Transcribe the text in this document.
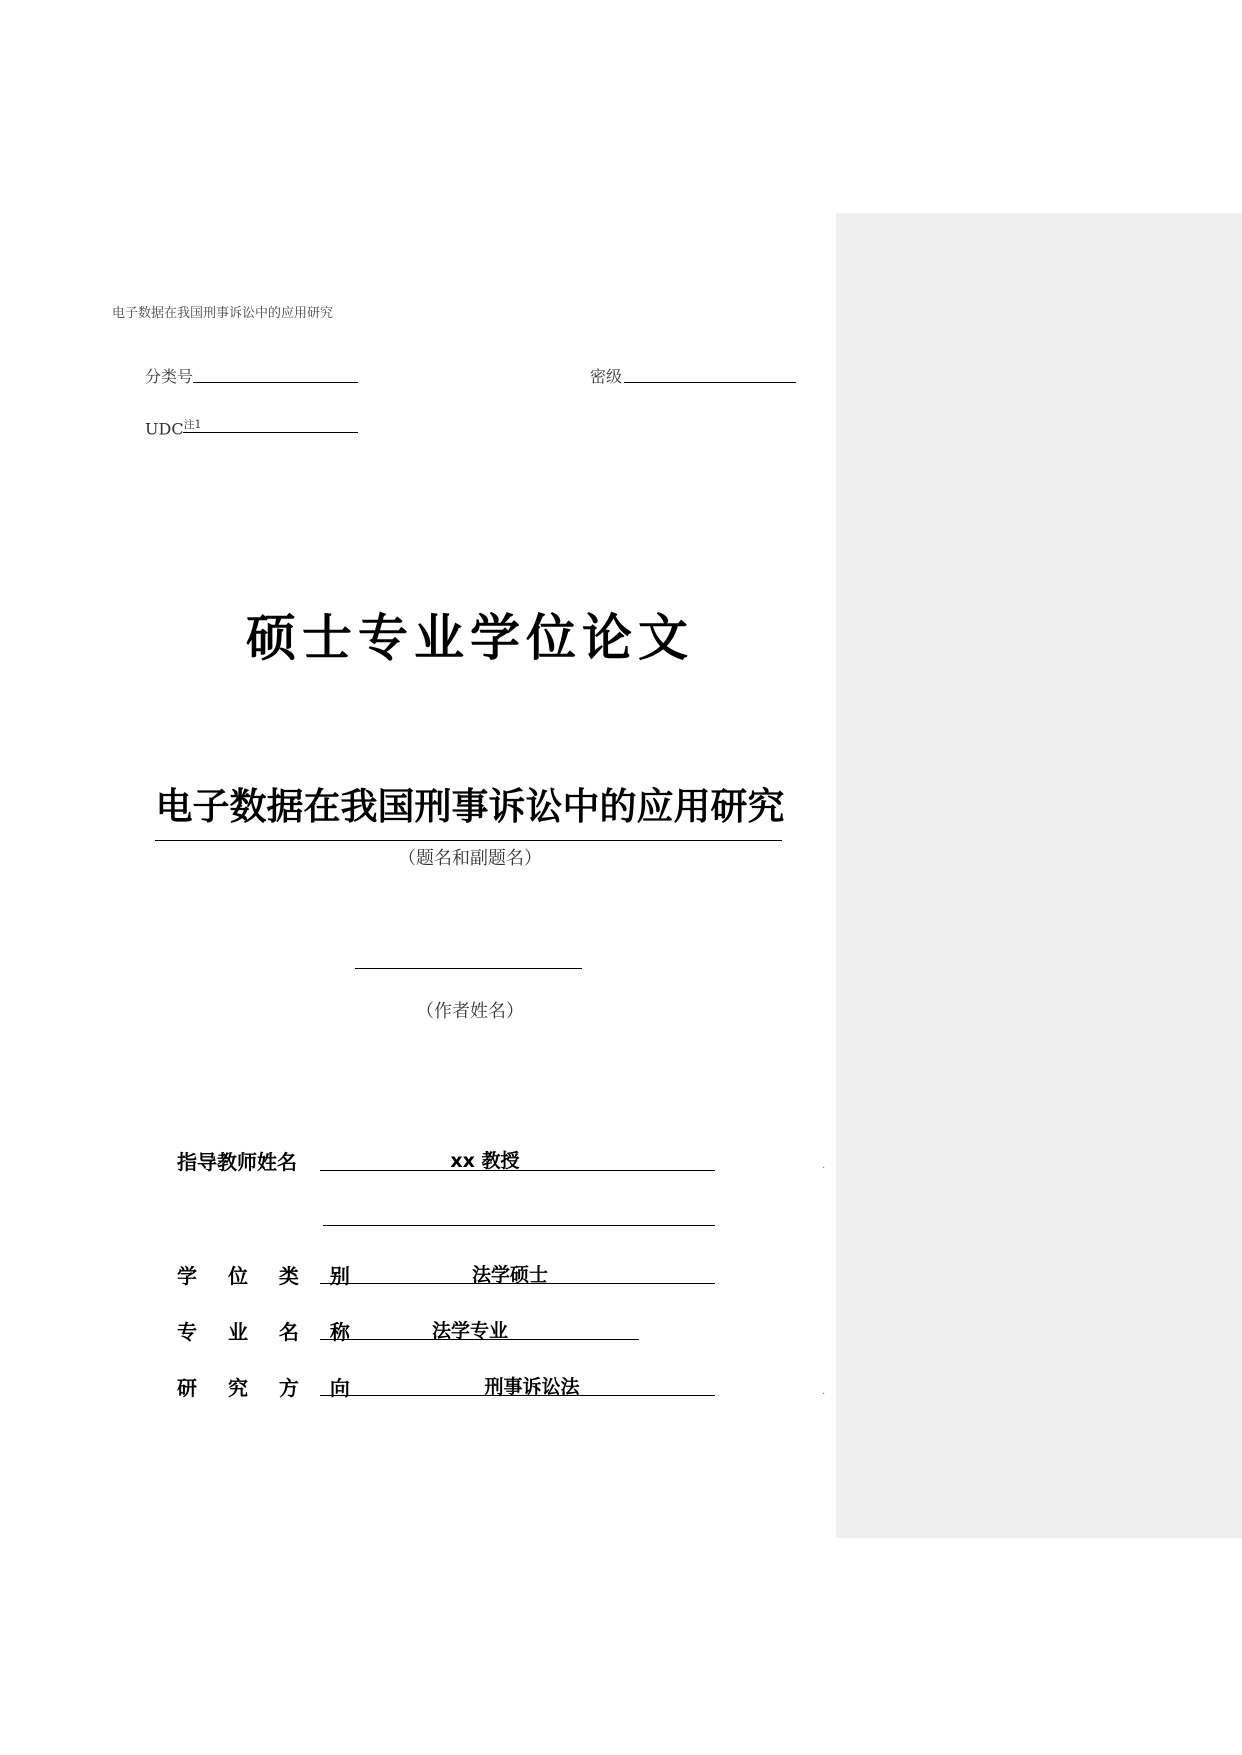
电子数据在我国刑事诉讼中的应用研究
分类号	密级
UDC$^{注1}$
硕士专业学位论文
电子数据在我国刑事诉讼中的应用研究
（题名和副题名）
（作者姓名）
指导教师姓名	xx 教授	.
学 位 类 别	法学硕士
专 业 名 称	法学专业
研 究 方 向	刑事诉讼法	.
